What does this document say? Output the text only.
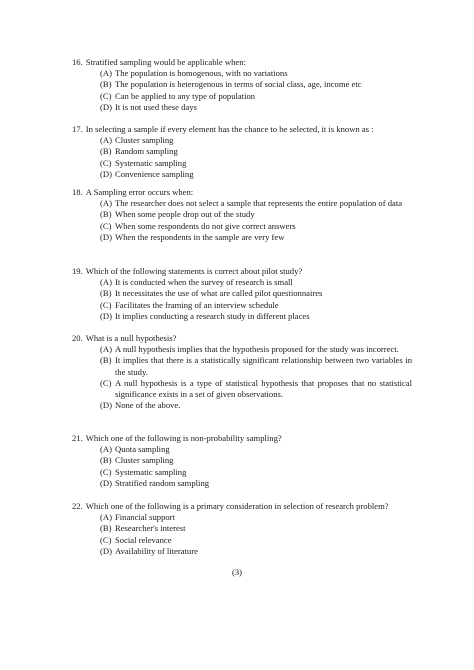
16. Stratified sampling would be applicable when:
(A) The population is homogenous, with no variations
(B) The population is heterogenous in terms of social class, age, income etc
(C) Can be applied to any type of population
(D) It is not used these days
17. In selecting a sample if every element has the chance to be selected, it is known as :
(A) Cluster sampling
(B) Random sampling
(C) Systematic sampling
(D) Convenience sampling
18. A Sampling error occurs when:
(A) The researcher does not select a sample that represents the entire population of data
(B) When some people drop out of the study
(C) When some respondents do not give correct answers
(D) When the respondents in the sample are very few
19. Which of the following statements is correct about pilot study?
(A) It is conducted when the survey of research is small
(B) It necessitates the use of what are called pilot questionnaires
(C) Facilitates the framing of an interview schedule
(D) It implies conducting a research study in different places
20. What is a null hypothesis?
(A) A null hypothesis implies that the hypothesis proposed for the study was incorrect.
(B) It implies that there is a statistically significant relationship between two variables in the study.
(C) A null hypothesis is a type of statistical hypothesis that proposes that no statistical significance exists in a set of given observations.
(D) None of the above.
21. Which one of the following is non-probability sampling?
(A) Quota sampling
(B) Cluster sampling
(C) Systematic sampling
(D) Stratified random sampling
22. Which one of the following is a primary consideration in selection of research problem?
(A) Financial support
(B) Researcher's interest
(C) Social relevance
(D) Availability of literature
(3)
